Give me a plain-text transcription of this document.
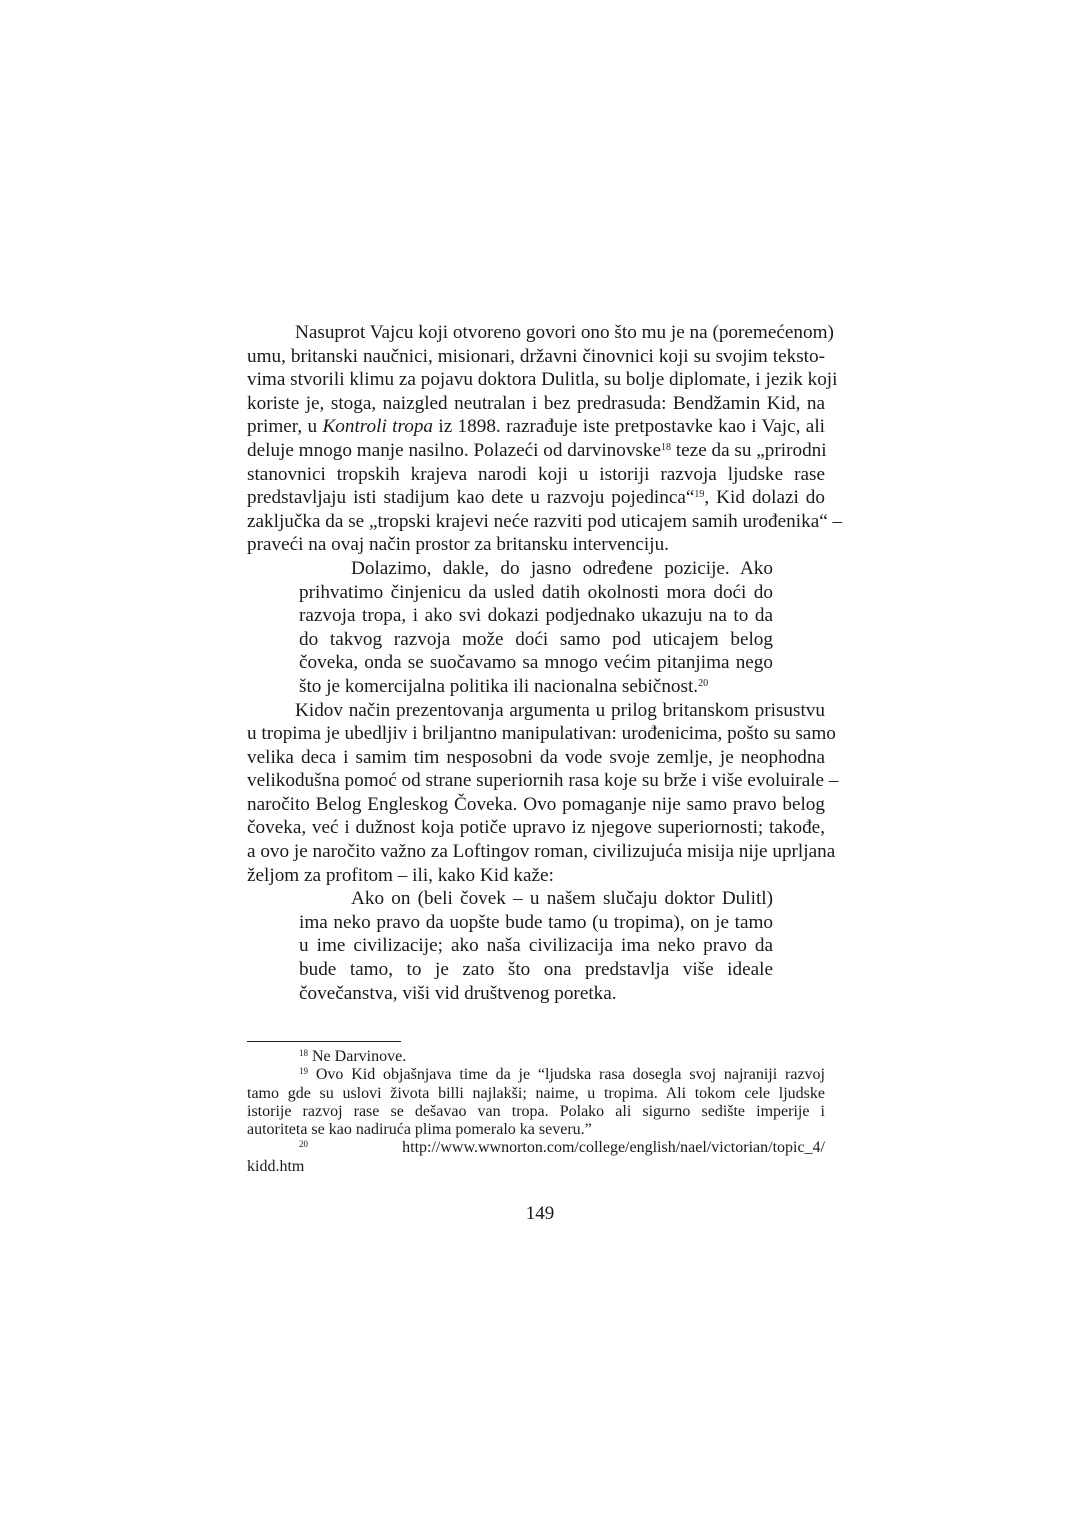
Nasuprot Vajcu koji otvoreno govori ono što mu je na (poremećenom)
umu, britanski naučnici, misionari, državni činovnici koji su svojim teksto-
vima stvorili klimu za pojavu doktora Dulitla, su bolje diplomate, i jezik koji
koriste je, stoga, naizgled neutralan i bez predrasuda: Bendžamin Kid, na
primer, u Kontroli tropa iz 1898. razrađuje iste pretpostavke kao i Vajc, ali
deluje mnogo manje nasilno. Polazeći od darvinovske$^{18}$ teze da su „prirodni
stanovnici tropskih krajeva narodi koji u istoriji razvoja ljudske rase
predstavljaju isti stadijum kao dete u razvoju pojedinca“$^{19}$, Kid dolazi do
zaključka da se „tropski krajevi neće razviti pod uticajem samih urođenika“ –
praveći na ovaj način prostor za britansku intervenciju.
Dolazimo, dakle, do jasno određene pozicije. Ako
prihvatimo činjenicu da usled datih okolnosti mora doći do
razvoja tropa, i ako svi dokazi podjednako ukazuju na to da
do takvog razvoja može doći samo pod uticajem belog
čoveka, onda se suočavamo sa mnogo većim pitanjima nego
što je komercijalna politika ili nacionalna sebičnost.$^{20}$
Kidov način prezentovanja argumenta u prilog britanskom prisustvu
u tropima je ubedljiv i briljantno manipulativan: urođenicima, pošto su samo
velika deca i samim tim nesposobni da vode svoje zemlje, je neophodna
velikodušna pomoć od strane superiornih rasa koje su brže i više evoluirale –
naročito Belog Engleskog Čoveka. Ovo pomaganje nije samo pravo belog
čoveka, već i dužnost koja potiče upravo iz njegove superiornosti; takođe,
a ovo je naročito važno za Loftingov roman, civilizujuća misija nije uprljana
željom za profitom – ili, kako Kid kaže:
Ako on (beli čovek – u našem slučaju doktor Dulitl)
ima neko pravo da uopšte bude tamo (u tropima), on je tamo
u ime civilizacije; ako naša civilizacija ima neko pravo da
bude tamo, to je zato što ona predstavlja više ideale
čovečanstva, viši vid društvenog poretka.
$^{18}$ Ne Darvinove.
$^{19}$ Ovo Kid objašnjava time da je “ljudska rasa dosegla svoj najraniji razvoj
tamo gde su uslovi života billi najlakši; naime, u tropima. Ali tokom cele ljudske
istorije razvoj rase se dešavao van tropa. Polako ali sigurno sedište imperije i
autoriteta se kao nadiruća plima pomeralo ka severu.”
$^{20}$ http://www.wwnorton.com/college/english/nael/victorian/topic_4/
kidd.htm
149
